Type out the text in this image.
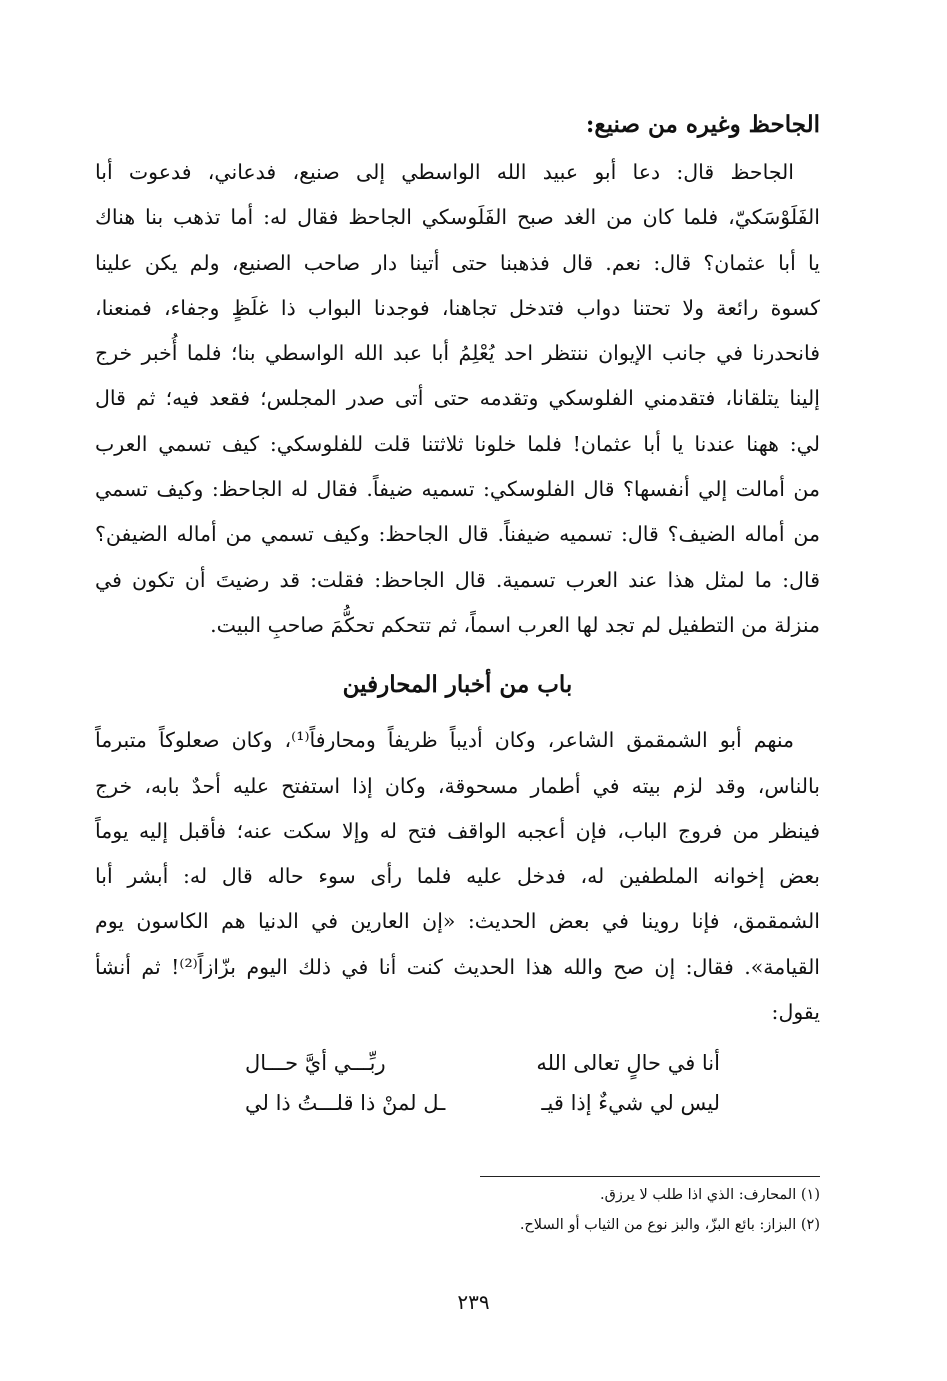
الجاحظ وغيره من صنيع:

الجاحظ قال: دعا أبو عبيد الله الواسطي إلى صنيع، فدعاني، فدعوت أبا

الفَلَوْسَكيّ، فلما كان من الغد صبح الفَلَوسكي الجاحظ فقال له: أما تذهب بنا هناك

يا أبا عثمان؟ قال: نعم. قال فذهبنا حتى أتينا دار صاحب الصنيع، ولم يكن علينا

كسوة رائعة ولا تحتنا دواب فتدخل تجاهنا، فوجدنا البواب ذا غلَظٍ وجفاء، فمنعنا،

فانحدرنا في جانب الإيوان ننتظر احد يُعْلِمُ أبا عبد الله الواسطي بنا؛ فلما أُخبر خرج

إلينا يتلقانا، فتقدمني الفلوسكي وتقدمه حتى أتى صدر المجلس؛ فقعد فيه؛ ثم قال

لي: ههنا عندنا يا أبا عثمان! فلما خلونا ثلاثتنا قلت للفلوسكي: كيف تسمي العرب

من أمالت إلي أنفسها؟ قال الفلوسكي: تسميه ضيفاً. فقال له الجاحظ: وكيف تسمي

من أماله الضيف؟ قال: تسميه ضيفناً. قال الجاحظ: وكيف تسمي من أماله الضيفن؟

قال: ما لمثل هذا عند العرب تسمية. قال الجاحظ: فقلت: قد رضيتَ أن تكون في

منزلة من التطفيل لم تجد لها العرب اسماً، ثم تتحكم تحكُّمَ صاحبِ البيت.

باب من أخبار المحارفين

منهم أبو الشمقمق الشاعر، وكان أديباً ظريفاً ومحارفاً⁽¹⁾، وكان صعلوكاً متبرماً

بالناس، وقد لزم بيته في أطمار مسحوقة، وكان إذا استفتح عليه أحدٌ بابه، خرج

فينظر من فروج الباب، فإن أعجبه الواقف فتح له وإلا سكت عنه؛ فأقبل إليه يوماً

بعض إخوانه الملطفين له، فدخل عليه فلما رأى سوء حاله قال له: أبشر أبا

الشمقمق، فإنا روينا في بعض الحديث: «إن العارين في الدنيا هم الكاسون يوم

القيامة». فقال: إن صح والله هذا الحديث كنت أنا في ذلك اليوم بزّازاً⁽²⁾! ثم أنشأ

يقول:

أنا في حالٍ تعالى الله
ربِّـــي أيَّ حـــال
ليس لي شيءٌ إذا قيـ
ـل لمنْ ذا قلـــتُ ذا لي
(١) المحارف: الذي اذا طلب لا يرزق.
(٢) البزاز: بائع البزّ، والبز نوع من الثياب أو السلاح.
٢٣٩
